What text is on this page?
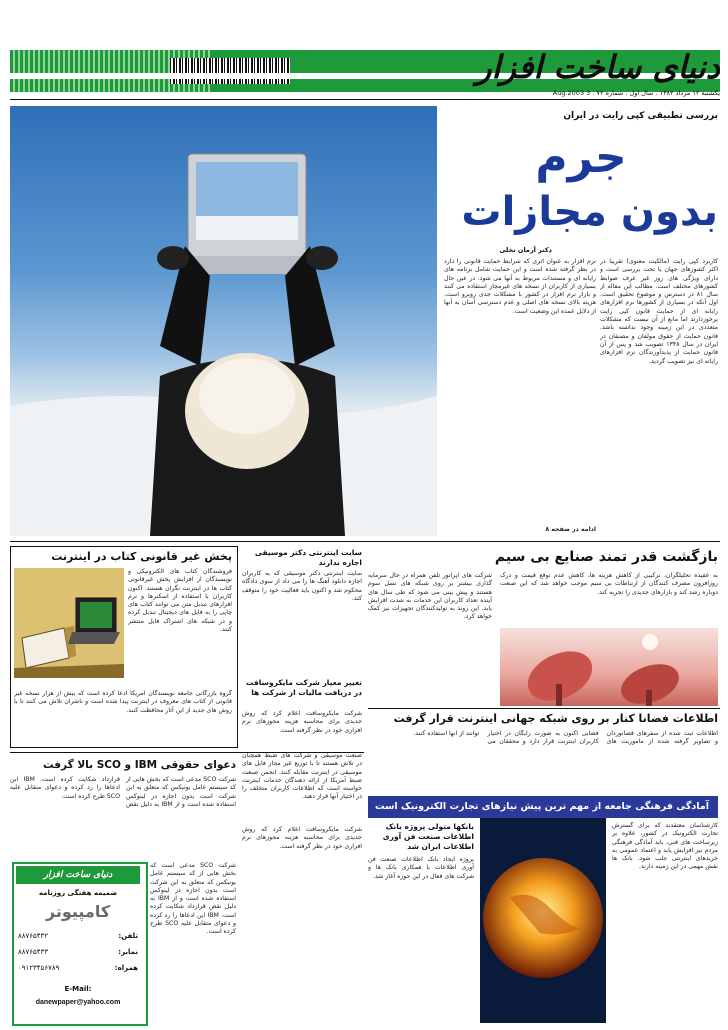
دنیای ساخت افزار
یکشنبه ۱۲ مرداد ۱۳۸۲ . سال اول . شماره ۷۲ . 3 Aug.2003
بررسی تطبیقی کپی رایت در ایران
جرم
بدون مجازات
دکتر آرمان نخلی
کاربرد کپی رایت (مالکیت معنوی) تقریبا در اکثر کشورهای جهان یا تحت بررسی است و دارای ویژگی های روز غیر عرف ضوابط کشورهای مختلف است. مطالب این مقاله از سال ۸۱ در دسترس و موضوع تحقیق است. اول آنکه در بسیاری از کشورها نرم افزارهای رایانه ای از حمایت قانون کپی رایت برخوردارند اما مانع از آن نیست که مشکلات متعددی در این زمینه وجود نداشته باشد. قانون حمایت از حقوق مولفان و مصنفان در ایران در سال ۱۳۴۸ تصویب شد و پس از آن قانون حمایت از پدیدآورندگان نرم افزارهای رایانه ای نیز تصویب گردید.
نرم افزار به عنوان اثری که شرایط حمایت قانونی را دارد در نظر گرفته شده است و این حمایت شامل برنامه های رایانه ای و مستندات مربوط به آنها می شود. در عین حال بسیاری از کاربران از نسخه های غیرمجاز استفاده می کنند و بازار نرم افزار در کشور با مشکلات جدی روبرو است. هزینه بالای نسخه های اصلی و عدم دسترسی آسان به آنها از دلایل عمده این وضعیت است.
ادامه در صفحه ۸
بازگشت قدر تمند صنایع بی سیم
به عقیده تحلیلگران، ترکیبی از کاهش هزینه ها، کاهش عدم توقع قیمت و درک روزافزون مصرف کنندگان از ارتباطات بی سیم موجب خواهد شد که این صنعت دوباره رشد کند و بازارهای جدیدی را تجربه کند.
شرکت های اپراتور تلفن همراه در حال سرمایه گذاری بیشتر بر روی شبکه های نسل سوم هستند و پیش بینی می شود که طی سال های آینده تعداد کاربران این خدمات به شدت افزایش یابد. این روند به تولیدکنندگان تجهیزات نیز کمک خواهد کرد.
پخش غیر قانونی کتاب در اینترنت
فروشندگان کتاب های الکترونیکی و نویسندگان از افزایش پخش غیرقانونی کتاب ها در اینترنت نگران هستند. اکنون کاربران با استفاده از اسکنرها و نرم افزارهای تبدیل متن می توانند کتاب های چاپی را به فایل های دیجیتال تبدیل کرده و در شبکه های اشتراک فایل منتشر کنند.
گروه بازرگانی جامعه نویسندگان آمریکا ادعا کرده است که بیش از هزار نسخه غیر قانونی از کتاب های معروف در اینترنت پیدا شده است و ناشران تلاش می کنند تا با روش های جدید از این آثار محافظت کنند.
سایت اینترنتی دکتر موسیقی اجازه ندارند
سایت اینترنتی دکتر موسیقی که به کاربران اجازه دانلود آهنگ ها را می داد از سوی دادگاه محکوم شد و اکنون باید فعالیت خود را متوقف کند.
تغییر معیار شرکت مایکروسافت در دریافت مالیات از شرکت ها
شرکت مایکروسافت اعلام کرد که روش جدیدی برای محاسبه هزینه مجوزهای نرم افزاری خود در نظر گرفته است.
اطلاعات فضانا کنار بر روی شبکه جهانی اینترنت قرار گرفت
اطلاعات ثبت شده از سفرهای فضانوردان و تصاویر گرفته شده از ماموریت های فضایی اکنون به صورت رایگان در اختیار کاربران اینترنت قرار دارد و محققان می توانند از آنها استفاده کنند.
دعوای حقوقی IBM و SCO بالا گرفت
شرکت SCO مدعی است که بخش هایی از کد سیستم عامل یونیکس که متعلق به این شرکت است بدون اجازه در لینوکس استفاده شده است و از IBM به دلیل نقض قرارداد شکایت کرده است. IBM این ادعاها را رد کرده و دعوای متقابل علیه SCO طرح کرده است.
صنعت موسیقی و شرکت های ضبط همچنان در تلاش هستند تا با توزیع غیر مجاز فایل های موسیقی در اینترنت مقابله کنند. انجمن صنعت ضبط آمریکا از ارائه دهندگان خدمات اینترنت خواسته است که اطلاعات کاربران متخلف را در اختیار آنها قرار دهند.
آمادگی فرهنگی جامعه از مهم ترین پیش نیازهای تجارت الکترونیک است
کارشناسان معتقدند که برای گسترش تجارت الکترونیک در کشور، علاوه بر زیرساخت های فنی، باید آمادگی فرهنگی مردم نیز افزایش یابد و اعتماد عمومی به خریدهای اینترنتی جلب شود. بانک ها نقش مهمی در این زمینه دارند.
بانکها متولی پروژه بانک اطلاعات صنعت فن آوری اطلاعات ایران شد
پروژه ایجاد بانک اطلاعات صنعت فن آوری اطلاعات با همکاری بانک ها و شرکت های فعال در این حوزه آغاز شد.
شرکت مایکروسافت اعلام کرد که روش جدیدی برای محاسبه هزینه مجوزهای نرم افزاری خود در نظر گرفته است.
دنیای ساخت افزار
ضمیمه هفتگی روزنامه
کامپیوتر
تلفن:
۸۸۷۶۵۴۳۲
نمابر:
۸۸۷۶۵۴۳۳
همراه:
۰۹۱۲۳۴۵۶۷۸۹
E-Mail:
danewpaper@yahoo.com
شرکت SCO مدعی است که بخش هایی از کد سیستم عامل یونیکس که متعلق به این شرکت است بدون اجازه در لینوکس استفاده شده است و از IBM به دلیل نقض قرارداد شکایت کرده است. IBM این ادعاها را رد کرده و دعوای متقابل علیه SCO طرح کرده است.
